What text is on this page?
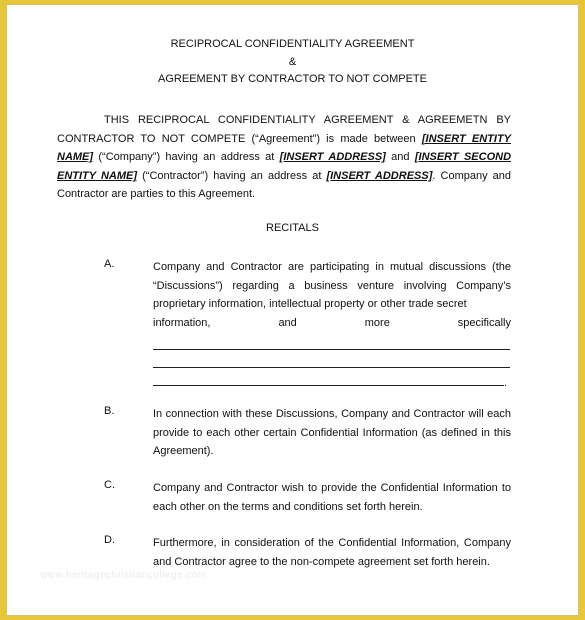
RECIPROCAL CONFIDENTIALITY AGREEMENT
&
AGREEMENT BY CONTRACTOR TO NOT COMPETE
THIS RECIPROCAL CONFIDENTIALITY AGREEMENT & AGREEMETN BY CONTRACTOR TO NOT COMPETE (“Agreement”) is made between [INSERT ENTITY NAME] (“Company”) having an address at [INSERT ADDRESS] and [INSERT SECOND ENTITY NAME] (“Contractor”) having an address at [INSERT ADDRESS]. Company and Contractor are parties to this Agreement.
RECITALS
A.	Company and Contractor are participating in mutual discussions (the “Discussions”) regarding a business venture involving Company’s proprietary information, intellectual property or other trade secret
information, and more specifically
.
B.	In connection with these Discussions, Company and Contractor will each provide to each other certain Confidential Information (as defined in this Agreement).
C.	Company and Contractor wish to provide the Confidential Information to each other on the terms and conditions set forth herein.
D.	Furthermore, in consideration of the Confidential Information, Company and Contractor agree to the non-compete agreement set forth herein.
www.heritagechristiancollege.com
